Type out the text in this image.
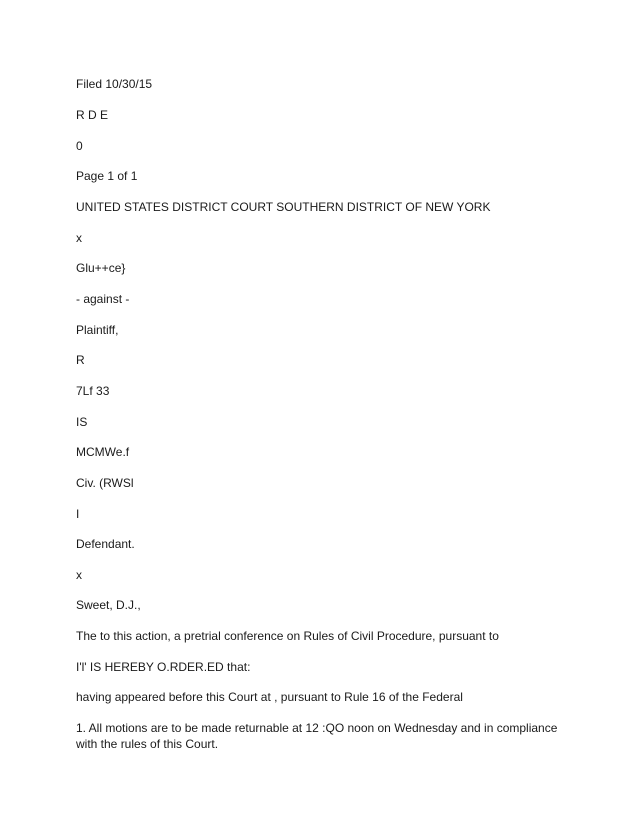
Filed 10/30/15
R D E
0
Page 1 of 1
UNITED STATES DISTRICT COURT SOUTHERN DISTRICT OF NEW YORK
x
Glu++ce}
- against -
Plaintiff,
R
7Lf 33
IS
MCMWe.f
Civ. (RWSl
I
Defendant.
x
Sweet, D.J.,
The to this action, a pretrial conference on Rules of Civil Procedure, pursuant to
I'l' IS HEREBY O.RDER.ED that:
having appeared before this Court at , pursuant to Rule 16 of the Federal
1. All motions are to be made returnable at 12 :QO noon on Wednesday and in compliance with the rules of this Court.
